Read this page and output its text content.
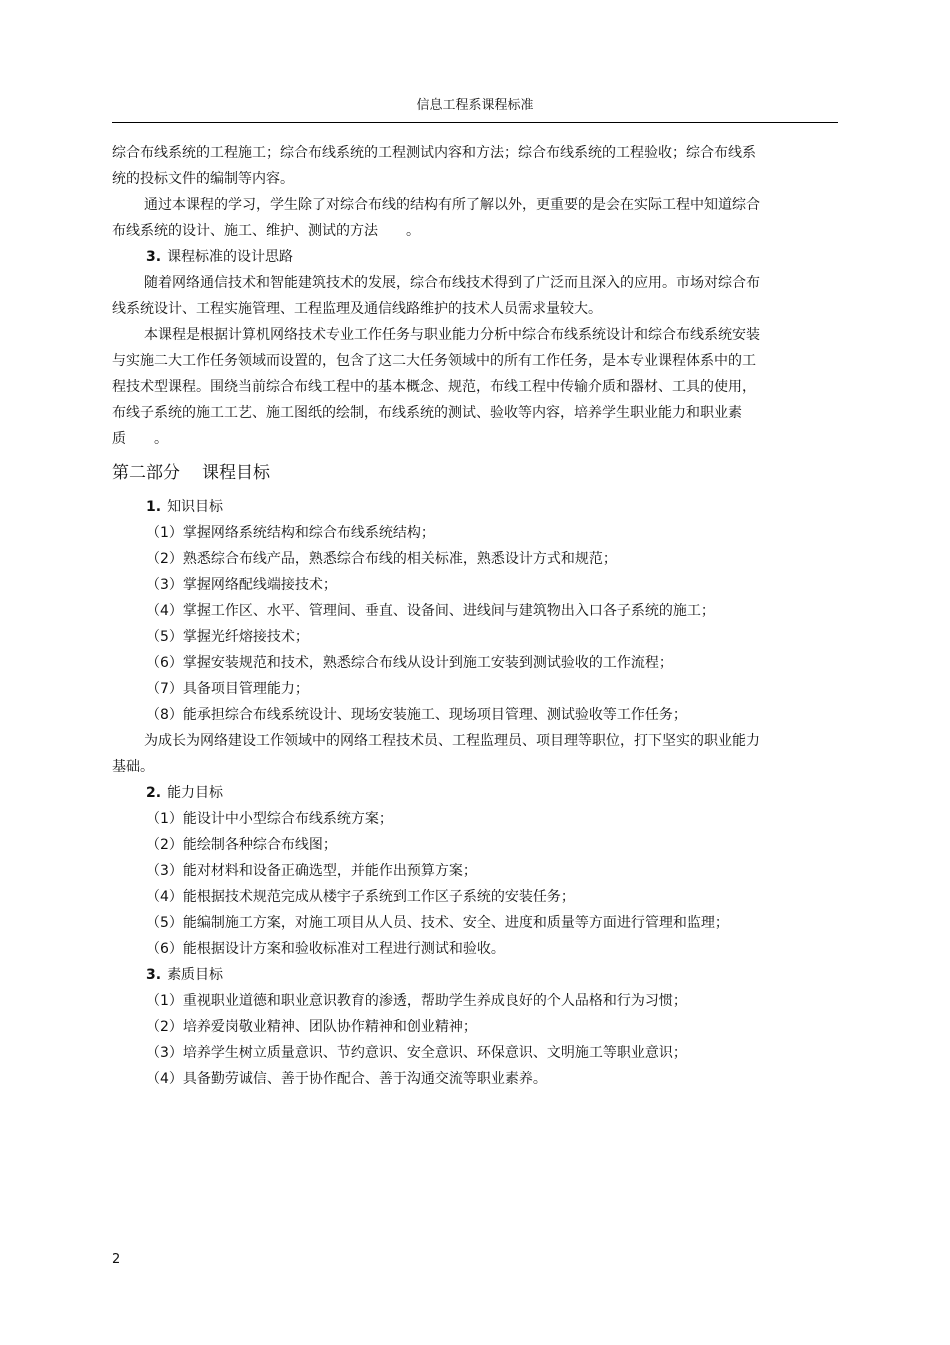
信息工程系课程标准

综合布线系统的工程施工；综合布线系统的工程测试内容和方法；综合布线系统的工程验收；综合布线系统的投标文件的编制等内容。

通过本课程的学习，学生除了对综合布线的结构有所了解以外，更重要的是会在实际工程中知道综合布线系统的设计、施工、维护、测试的方法　　。

3. 课程标准的设计思路

随着网络通信技术和智能建筑技术的发展，综合布线技术得到了广泛而且深入的应用。市场对综合布线系统设计、工程实施管理、工程监理及通信线路维护的技术人员需求量较大。

本课程是根据计算机网络技术专业工作任务与职业能力分析中综合布线系统设计和综合布线系统安装与实施二大工作任务领域而设置的，包含了这二大任务领域中的所有工作任务，是本专业课程体系中的工程技术型课程。围绕当前综合布线工程中的基本概念、规范，布线工程中传输介质和器材、工具的使用，布线子系统的施工工艺、施工图纸的绘制，布线系统的测试、验收等内容，培养学生职业能力和职业素质　　。

第二部分 课程目标

1. 知识目标

（1）掌握网络系统结构和综合布线系统结构；

（2）熟悉综合布线产品，熟悉综合布线的相关标准，熟悉设计方式和规范；

（3）掌握网络配线端接技术；

（4）掌握工作区、水平、管理间、垂直、设备间、进线间与建筑物出入口各子系统的施工；

（5）掌握光纤熔接技术；

（6）掌握安装规范和技术，熟悉综合布线从设计到施工安装到测试验收的工作流程；

（7）具备项目管理能力；

（8）能承担综合布线系统设计、现场安装施工、现场项目管理、测试验收等工作任务；

为成长为网络建设工作领域中的网络工程技术员、工程监理员、项目理等职位，打下坚实的职业能力基础。

2. 能力目标

（1）能设计中小型综合布线系统方案；

（2）能绘制各种综合布线图；

（3）能对材料和设备正确选型，并能作出预算方案；

（4）能根据技术规范完成从楼宇子系统到工作区子系统的安装任务；

（5）能编制施工方案，对施工项目从人员、技术、安全、进度和质量等方面进行管理和监理；

（6）能根据设计方案和验收标准对工程进行测试和验收。

3. 素质目标

（1）重视职业道德和职业意识教育的渗透，帮助学生养成良好的个人品格和行为习惯；

（2）培养爱岗敬业精神、团队协作精神和创业精神；

（3）培养学生树立质量意识、节约意识、安全意识、环保意识、文明施工等职业意识；

（4）具备勤劳诚信、善于协作配合、善于沟通交流等职业素养。

2
